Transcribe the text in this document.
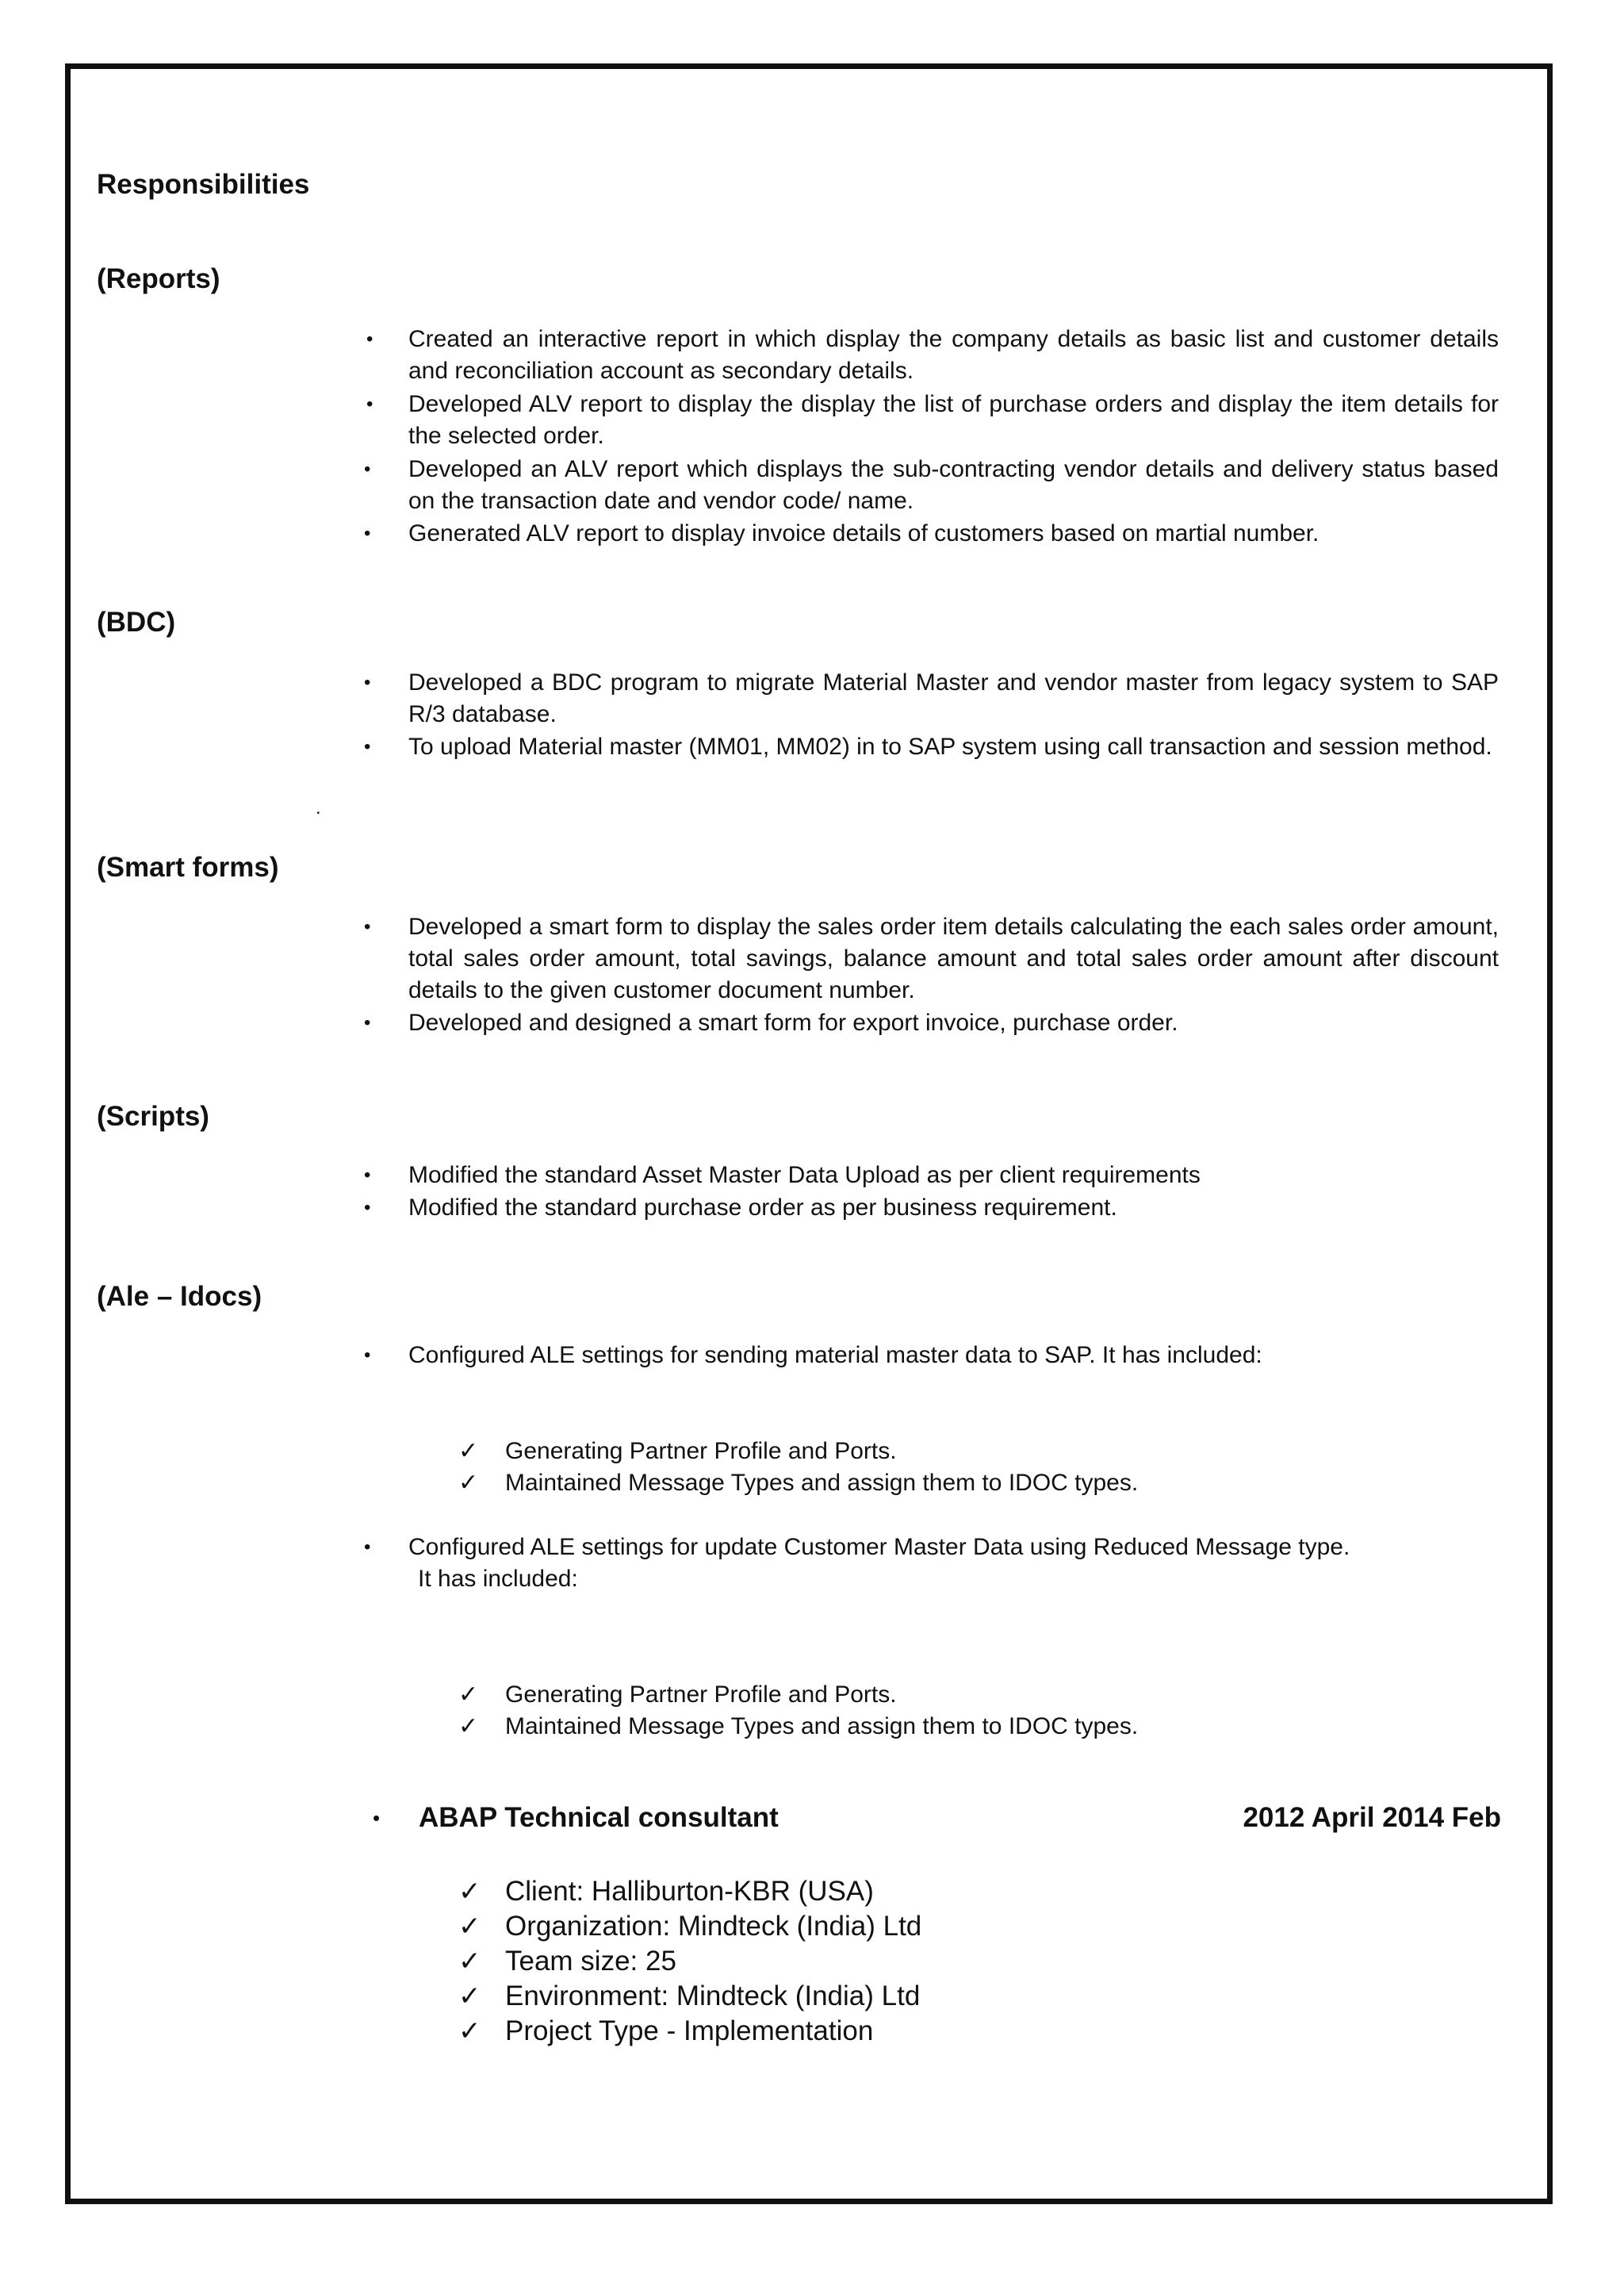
Responsibilities
(Reports)
• Created an interactive report in which display the company details as basic list and customer details and reconciliation account as secondary details.
• Developed ALV report to display the display the list of purchase orders and display the item details for the selected order.
• Developed an ALV report which displays the sub-contracting vendor details and delivery status based on the transaction date and vendor code/ name.
• Generated ALV report to display invoice details of customers based on martial number.
(BDC)
• Developed a BDC program to migrate Material Master and vendor master from legacy system to SAP R/3 database.
• To upload Material master (MM01, MM02) in to SAP system using call transaction and session method.
.
(Smart forms)
• Developed a smart form to display the sales order item details calculating the each sales order amount, total sales order amount, total savings, balance amount and total sales order amount after discount details to the given customer document number.
• Developed and designed a smart form for export invoice, purchase order.
(Scripts)
• Modified the standard Asset Master Data Upload as per client requirements
• Modified the standard purchase order as per business requirement.
(Ale – Idocs)
• Configured ALE settings for sending material master data to SAP. It has included:
✓ Generating Partner Profile and Ports.
✓ Maintained Message Types and assign them to IDOC types.
• Configured ALE settings for update Customer Master Data using Reduced Message type.
It has included:
✓ Generating Partner Profile and Ports.
✓ Maintained Message Types and assign them to IDOC types.
• ABAP Technical consultant	2012 April 2014 Feb
✓ Client: Halliburton-KBR (USA)
✓ Organization: Mindteck (India) Ltd
✓ Team size: 25
✓ Environment: Mindteck (India) Ltd
✓ Project Type - Implementation
